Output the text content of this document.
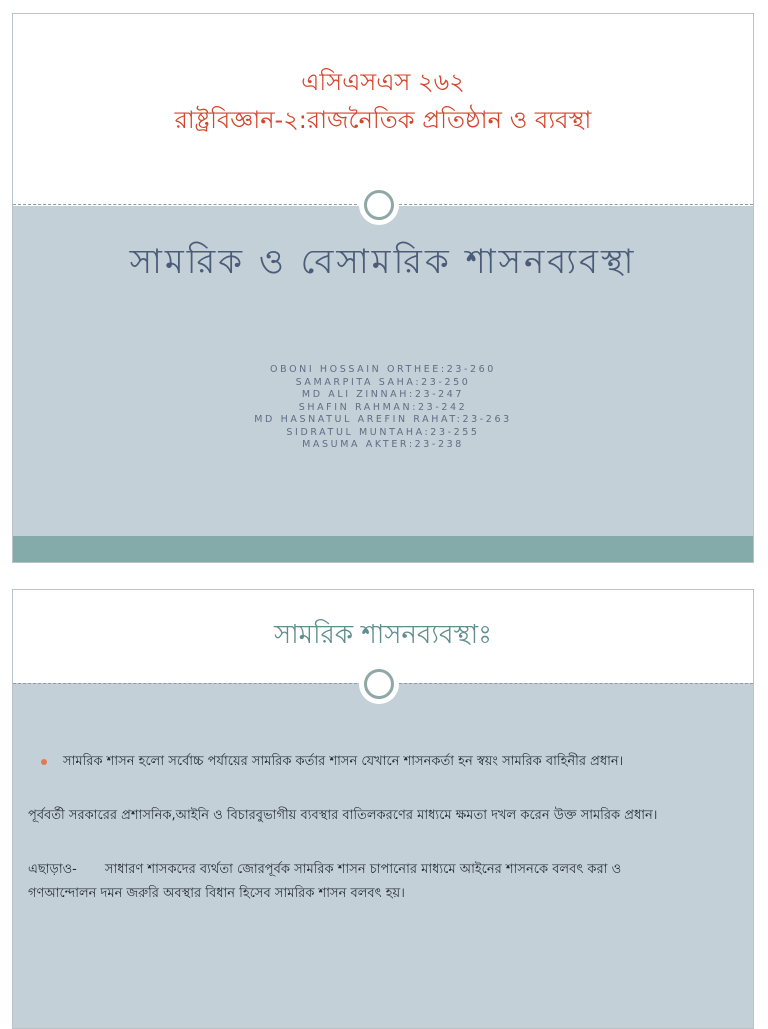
এসিএসএস ২৬২
রাষ্ট্রবিজ্ঞান-২:রাজনৈতিক প্রতিষ্ঠান ও ব্যবস্থা
সামরিক ও বেসামরিক শাসনব্যবস্থা
OBONI HOSSAIN ORTHEE:23-260
SAMARPITA SAHA:23-250
MD ALI ZINNAH:23-247
SHAFIN RAHMAN:23-242
MD HASNATUL AREFIN RAHAT:23-263
SIDRATUL MUNTAHA:23-255
MASUMA AKTER:23-238
সামরিক শাসনব্যবস্থাঃ
সামরিক শাসন হলো সর্বোচ্চ পর্যায়ের সামরিক কর্তার শাসন যেখানে শাসনকর্তা হন স্বয়ং সামরিক বাহিনীর প্রধান।
পূর্ববর্তী সরকারের প্রশাসনিক,আইনি ও বিচারবুভাগীয় ব্যবস্থার বাতিলকরণের মাধ্যমে ক্ষমতা দখল করেন উক্ত সামরিক প্রধান।
এছাড়াও- সাধারণ শাসকদের ব্যর্থতা জোরপূর্বক সামরিক শাসন চাপানোর মাধ্যমে আইনের শাসনকে বলবৎ করা ও
গণআন্দোলন দমন জরুরি অবস্থার বিধান হিসেব সামরিক শাসন বলবৎ হয়।
